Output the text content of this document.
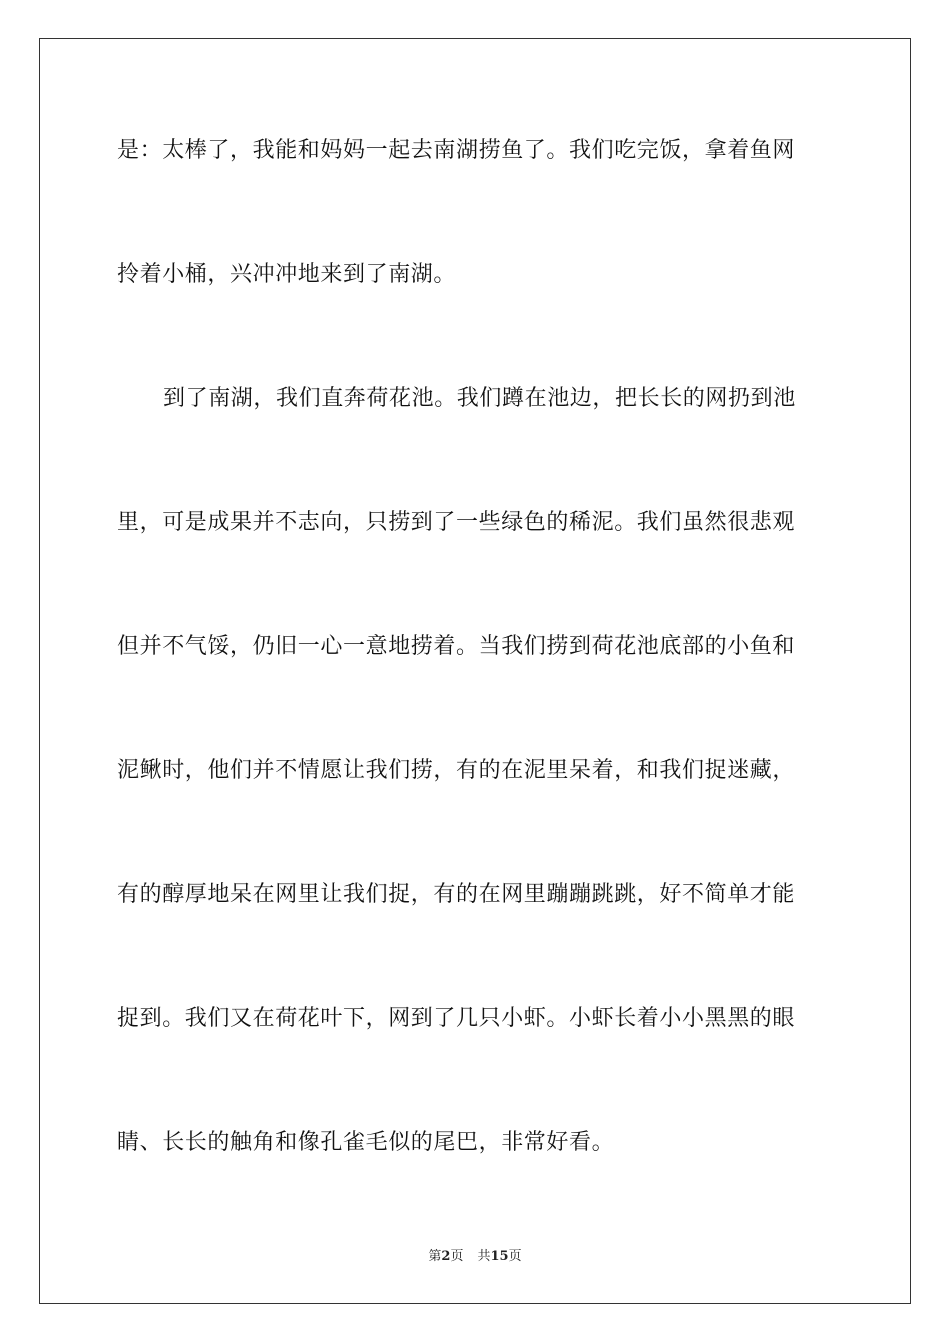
是：太棒了，我能和妈妈一起去南湖捞鱼了。我们吃完饭，拿着鱼网
拎着小桶，兴冲冲地来到了南湖。
到了南湖，我们直奔荷花池。我们蹲在池边，把长长的网扔到池
里，可是成果并不志向，只捞到了一些绿色的稀泥。我们虽然很悲观
但并不气馁，仍旧一心一意地捞着。当我们捞到荷花池底部的小鱼和
泥鳅时，他们并不情愿让我们捞，有的在泥里呆着，和我们捉迷藏，
有的醇厚地呆在网里让我们捉，有的在网里蹦蹦跳跳，好不简单才能
捉到。我们又在荷花叶下，网到了几只小虾。小虾长着小小黑黑的眼
睛、长长的触角和像孔雀毛似的尾巴，非常好看。
第2页 共15页
